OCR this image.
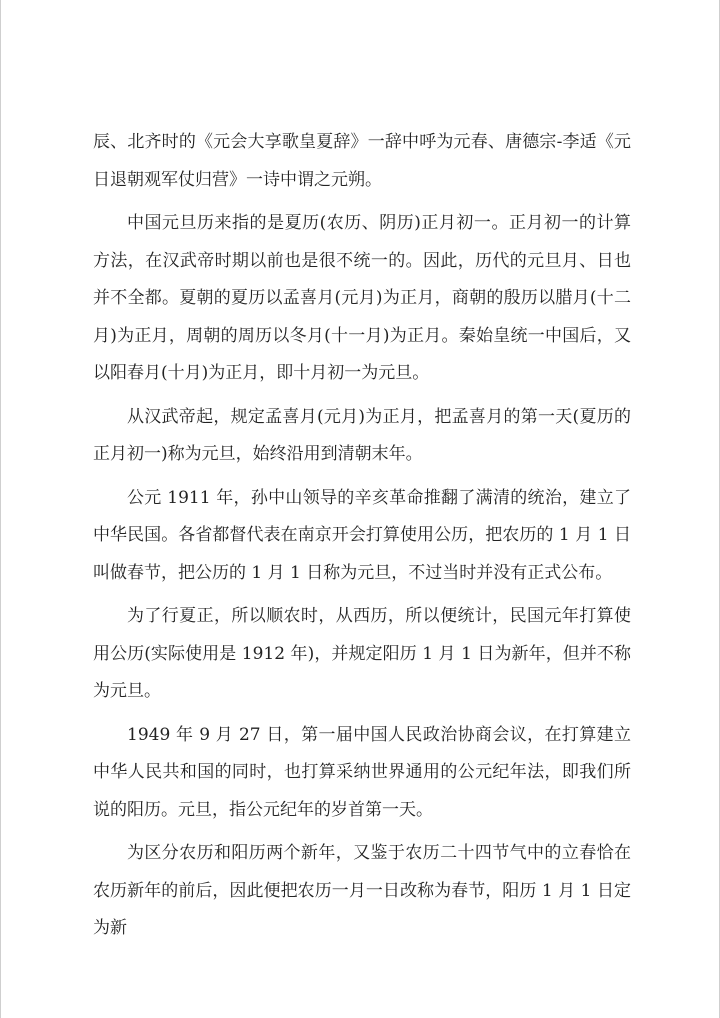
辰、北齐时的《元会大享歌皇夏辞》一辞中呼为元春、唐德宗-李适《元日退朝观军仗归营》一诗中谓之元朔。

中国元旦历来指的是夏历(农历、阴历)正月初一。正月初一的计算方法，在汉武帝时期以前也是很不统一的。因此，历代的元旦月、日也并不全都。夏朝的夏历以孟喜月(元月)为正月，商朝的殷历以腊月(十二月)为正月，周朝的周历以冬月(十一月)为正月。秦始皇统一中国后，又以阳春月(十月)为正月，即十月初一为元旦。

从汉武帝起，规定孟喜月(元月)为正月，把孟喜月的第一天(夏历的正月初一)称为元旦，始终沿用到清朝末年。

公元 1911 年，孙中山领导的辛亥革命推翻了满清的统治，建立了中华民国。各省都督代表在南京开会打算使用公历，把农历的 1 月 1 日叫做春节，把公历的 1 月 1 日称为元旦，不过当时并没有正式公布。

为了行夏正，所以顺农时，从西历，所以便统计，民国元年打算使用公历(实际使用是 1912 年)，并规定阳历 1 月 1 日为新年，但并不称为元旦。

1949 年 9 月 27 日，第一届中国人民政治协商会议，在打算建立中华人民共和国的同时，也打算采纳世界通用的公元纪年法，即我们所说的阳历。元旦，指公元纪年的岁首第一天。

为区分农历和阳历两个新年，又鉴于农历二十四节气中的立春恰在农历新年的前后，因此便把农历一月一日改称为春节，阳历 1 月 1 日定为新
